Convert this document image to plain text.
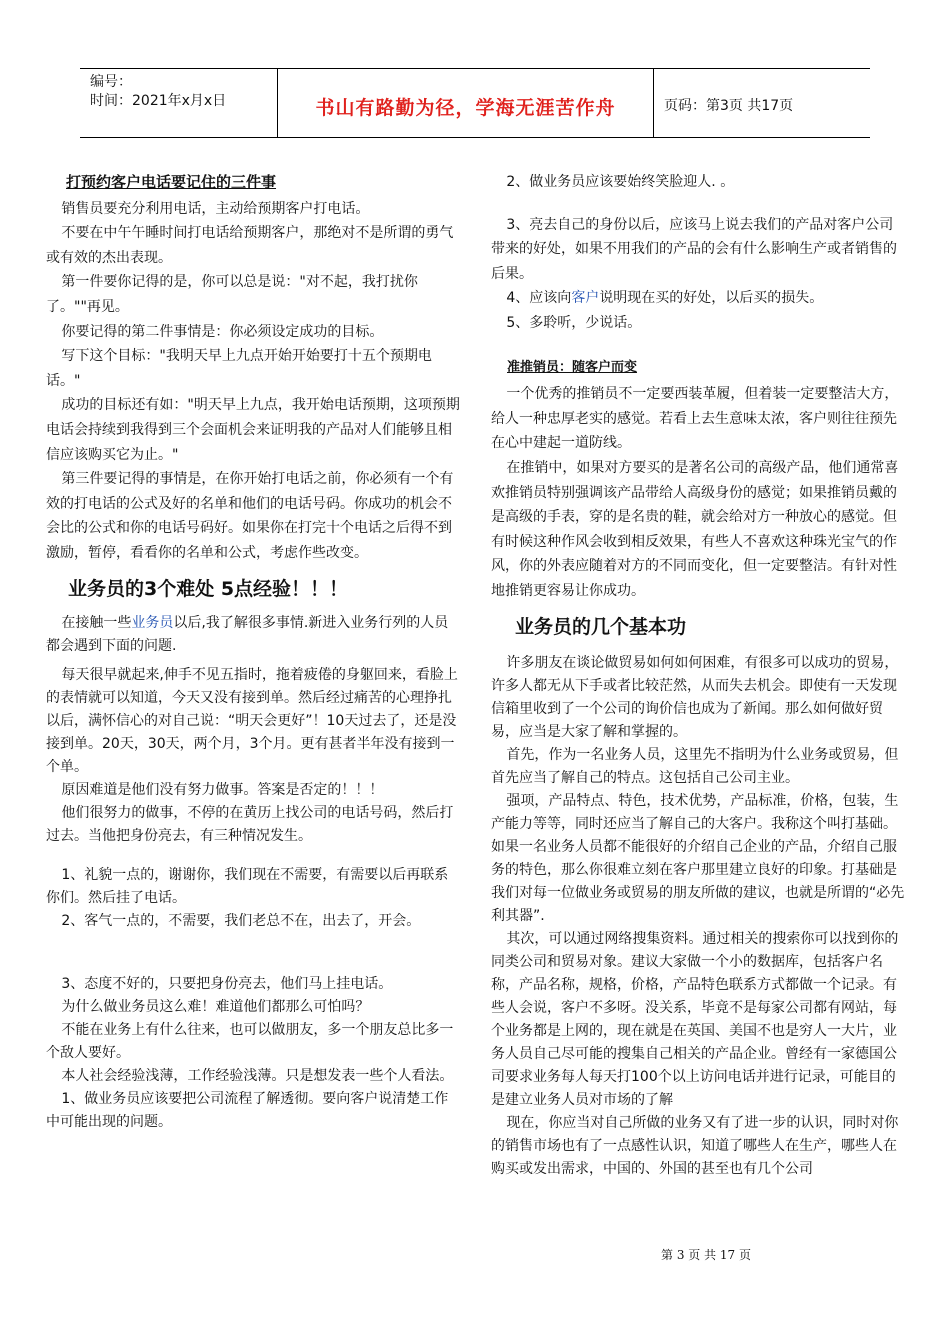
编号：
时间：2021年x月x日	书山有路勤为径，学海无涯苦作舟	页码：第3页 共17页

打预约客户电话要记住的三件事

销售员要充分利用电话，主动给预期客户打电话。

不要在中午午睡时间打电话给预期客户，那绝对不是所谓的勇气或有效的杰出表现。

第一件要你记得的是，你可以总是说："对不起，我打扰你了。""再见。

你要记得的第二件事情是：你必须设定成功的目标。

写下这个目标："我明天早上九点开始开始要打十五个预期电话。"

成功的目标还有如："明天早上九点，我开始电话预期，这项预期电话会持续到我得到三个会面机会来证明我的产品对人们能够且相信应该购买它为止。"

第三件要记得的事情是，在你开始打电话之前，你必须有一个有效的打电话的公式及好的名单和他们的电话号码。你成功的机会不会比的公式和你的电话号码好。如果你在打完十个电话之后得不到激励，暂停，看看你的名单和公式，考虑作些改变。

业务员的3个难处 5点经验！！！

在接触一些业务员以后,我了解很多事情.新进入业务行列的人员都会遇到下面的问题.

每天很早就起来,伸手不见五指时，拖着疲倦的身躯回来，看脸上的表情就可以知道，今天又没有接到单。然后经过痛苦的心理挣扎以后，满怀信心的对自己说：“明天会更好”！10天过去了，还是没接到单。20天，30天，两个月，3个月。更有甚者半年没有接到一个单。

原因难道是他们没有努力做事。答案是否定的！！！

他们很努力的做事，不停的在黄历上找公司的电话号码，然后打过去。当他把身份亮去，有三种情况发生。

1、礼貌一点的，谢谢你，我们现在不需要，有需要以后再联系你们。然后挂了电话。

2、客气一点的，不需要，我们老总不在，出去了，开会。

3、态度不好的，只要把身份亮去，他们马上挂电话。

为什么做业务员这么难！难道他们都那么可怕吗？

不能在业务上有什么往来，也可以做朋友，多一个朋友总比多一个敌人要好。

本人社会经验浅薄，工作经验浅薄。只是想发表一些个人看法。

1、做业务员应该要把公司流程了解透彻。要向客户说清楚工作中可能出现的问题。

2、做业务员应该要始终笑脸迎人. 。

3、亮去自己的身份以后，应该马上说去我们的产品对客户公司带来的好处，如果不用我们的产品的会有什么影响生产或者销售的后果。

4、应该向客户说明现在买的好处，以后买的损失。

5、多聆听，少说话。

准推销员：随客户而变

一个优秀的推销员不一定要西装革履，但着装一定要整洁大方，给人一种忠厚老实的感觉。若看上去生意味太浓，客户则往往预先在心中建起一道防线。

在推销中，如果对方要买的是著名公司的高级产品，他们通常喜欢推销员特别强调该产品带给人高级身份的感觉；如果推销员戴的是高级的手表，穿的是名贵的鞋，就会给对方一种放心的感觉。但有时候这种作风会收到相反效果，有些人不喜欢这种珠光宝气的作风，你的外表应随着对方的不同而变化，但一定要整洁。有针对性地推销更容易让你成功。

业务员的几个基本功

许多朋友在谈论做贸易如何如何困难，有很多可以成功的贸易，许多人都无从下手或者比较茫然，从而失去机会。即使有一天发现信箱里收到了一个公司的询价信也成为了新闻。那么如何做好贸易，应当是大家了解和掌握的。

首先，作为一名业务人员，这里先不指明为什么业务或贸易，但首先应当了解自己的特点。这包括自己公司主业。

强项，产品特点、特色，技术优势，产品标准，价格，包装，生产能力等等，同时还应当了解自己的大客户。我称这个叫打基础。如果一名业务人员都不能很好的介绍自己企业的产品，介绍自己服务的特色，那么你很难立刻在客户那里建立良好的印象。打基础是我们对每一位做业务或贸易的朋友所做的建议，也就是所谓的“必先利其器”.

其次，可以通过网络搜集资料。通过相关的搜索你可以找到你的同类公司和贸易对象。建议大家做一个小的数据库，包括客户名称，产品名称，规格，价格，产品特色联系方式都做一个记录。有些人会说，客户不多呀。没关系，毕竟不是每家公司都有网站，每个业务都是上网的，现在就是在英国、美国不也是穷人一大片，业务人员自己尽可能的搜集自己相关的产品企业。曾经有一家德国公司要求业务每人每天打100个以上访问电话并进行记录，可能目的是建立业务人员对市场的了解

现在，你应当对自己所做的业务又有了进一步的认识，同时对你的销售市场也有了一点感性认识，知道了哪些人在生产，哪些人在购买或发出需求，中国的、外国的甚至也有几个公司

第 3 页 共 17 页
